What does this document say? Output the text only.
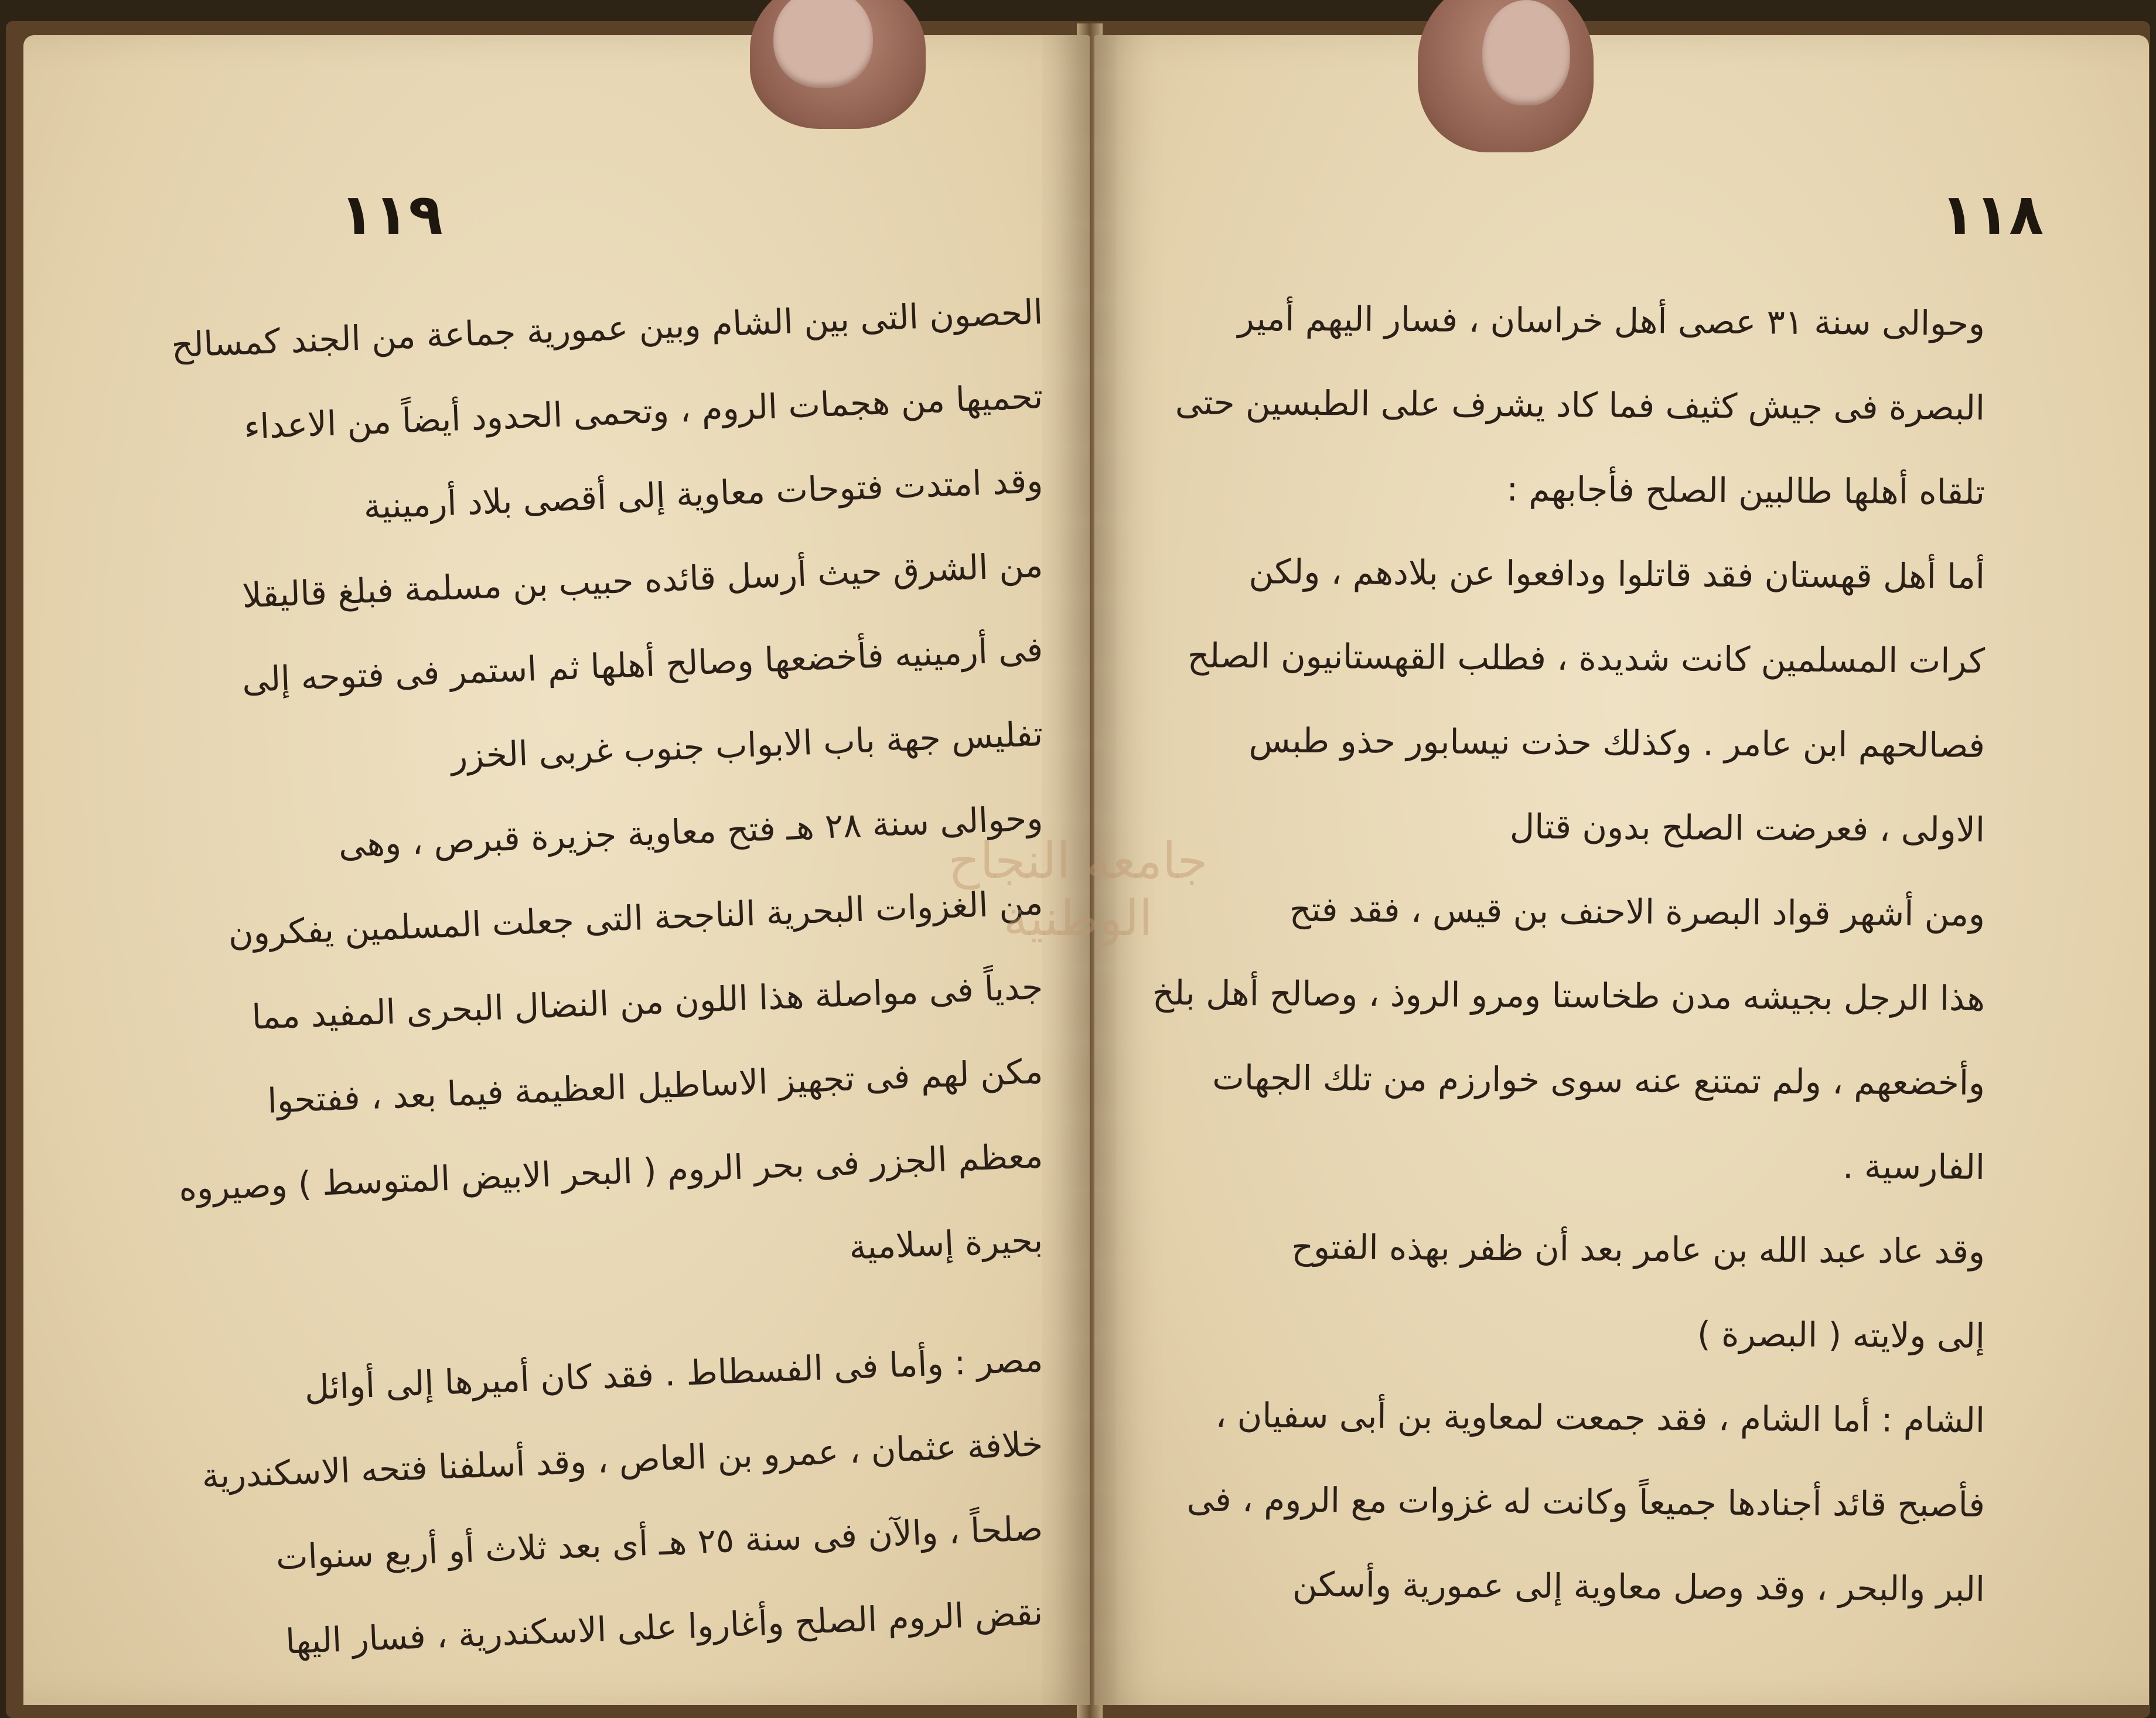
١١٩
الحصون التى بين الشام وبين عمورية جماعة من الجند كمسالح
تحميها من هجمات الروم ، وتحمى الحدود أيضاً من الاعداء
وقد امتدت فتوحات معاوية إلى أقصى بلاد أرمينية
من الشرق حيث أرسل قائده حبيب بن مسلمة فبلغ قاليقلا
فى أرمينيه فأخضعها وصالح أهلها ثم استمر فى فتوحه إلى
تفليس جهة باب الابواب جنوب غربى الخزر
وحوالى سنة ٢٨ هـ فتح معاوية جزيرة قبرص ، وهى
من الغزوات البحرية الناجحة التى جعلت المسلمين يفكرون
جدياً فى مواصلة هذا اللون من النضال البحرى المفيد مما
مكن لهم فى تجهيز الاساطيل العظيمة فيما بعد ، ففتحوا
معظم الجزر فى بحر الروم ( البحر الابيض المتوسط ) وصيروه
بحيرة إسلامية
مصر : وأما فى الفسطاط . فقد كان أميرها إلى أوائل
خلافة عثمان ، عمرو بن العاص ، وقد أسلفنا فتحه الاسكندرية
صلحاً ، والآن فى سنة ٢٥ هـ أى بعد ثلاث أو أربع سنوات
نقض الروم الصلح وأغاروا على الاسكندرية ، فسار اليها
١١٨
وحوالى سنة ٣١ عصى أهل خراسان ، فسار اليهم أمير
البصرة فى جيش كثيف فما كاد يشرف على الطبسين حتى
تلقاه أهلها طالبين الصلح فأجابهم :
أما أهل قهستان فقد قاتلوا ودافعوا عن بلادهم ، ولكن
كرات المسلمين كانت شديدة ، فطلب القهستانيون الصلح
فصالحهم ابن عامر . وكذلك حذت نيسابور حذو طبس
الاولى ، فعرضت الصلح بدون قتال
ومن أشهر قواد البصرة الاحنف بن قيس ، فقد فتح
هذا الرجل بجيشه مدن طخاستا ومرو الروذ ، وصالح أهل بلخ
وأخضعهم ، ولم تمتنع عنه سوى خوارزم من تلك الجهات
الفارسية .
وقد عاد عبد الله بن عامر بعد أن ظفر بهذه الفتوح
إلى ولايته ( البصرة )
الشام : أما الشام ، فقد جمعت لمعاوية بن أبى سفيان ،
فأصبح قائد أجنادها جميعاً وكانت له غزوات مع الروم ، فى
البر والبحر ، وقد وصل معاوية إلى عمورية وأسكن
جامعة النجاح الوطنية
